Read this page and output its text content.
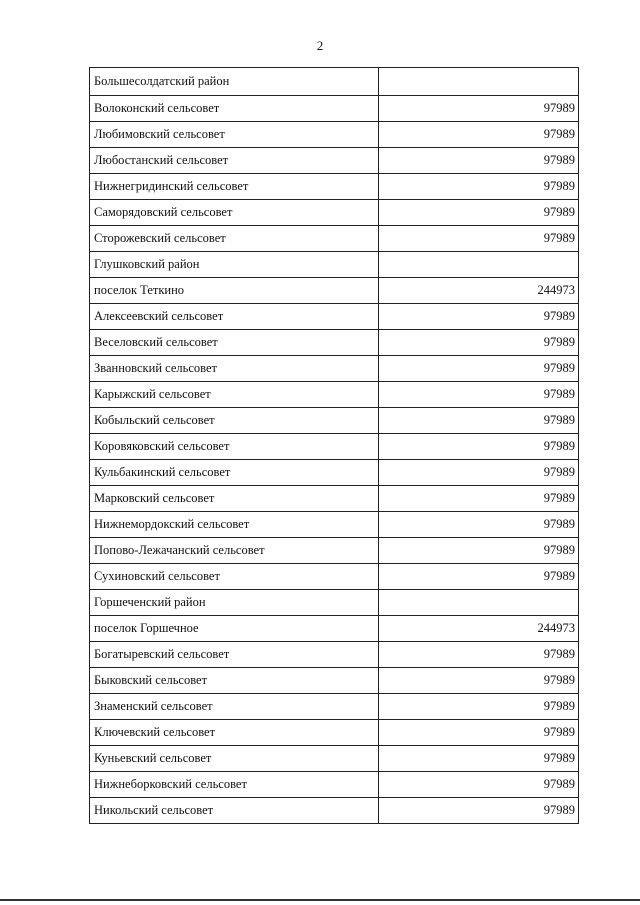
2
Большесолдатский район	
Волоконский сельсовет	97989
Любимовский сельсовет	97989
Любостанский сельсовет	97989
Нижнегридинский сельсовет	97989
Саморядовский сельсовет	97989
Сторожевский сельсовет	97989
Глушковский район	
поселок Теткино	244973
Алексеевский сельсовет	97989
Веселовский сельсовет	97989
Званновский сельсовет	97989
Карыжский сельсовет	97989
Кобыльский сельсовет	97989
Коровяковский сельсовет	97989
Кульбакинский сельсовет	97989
Марковский сельсовет	97989
Нижнемордокский сельсовет	97989
Попово-Лежачанский сельсовет	97989
Сухиновский сельсовет	97989
Горшеченский район	
поселок Горшечное	244973
Богатыревский сельсовет	97989
Быковский сельсовет	97989
Знаменский сельсовет	97989
Ключевский сельсовет	97989
Куньевский сельсовет	97989
Нижнеборковский сельсовет	97989
Никольский сельсовет	97989
